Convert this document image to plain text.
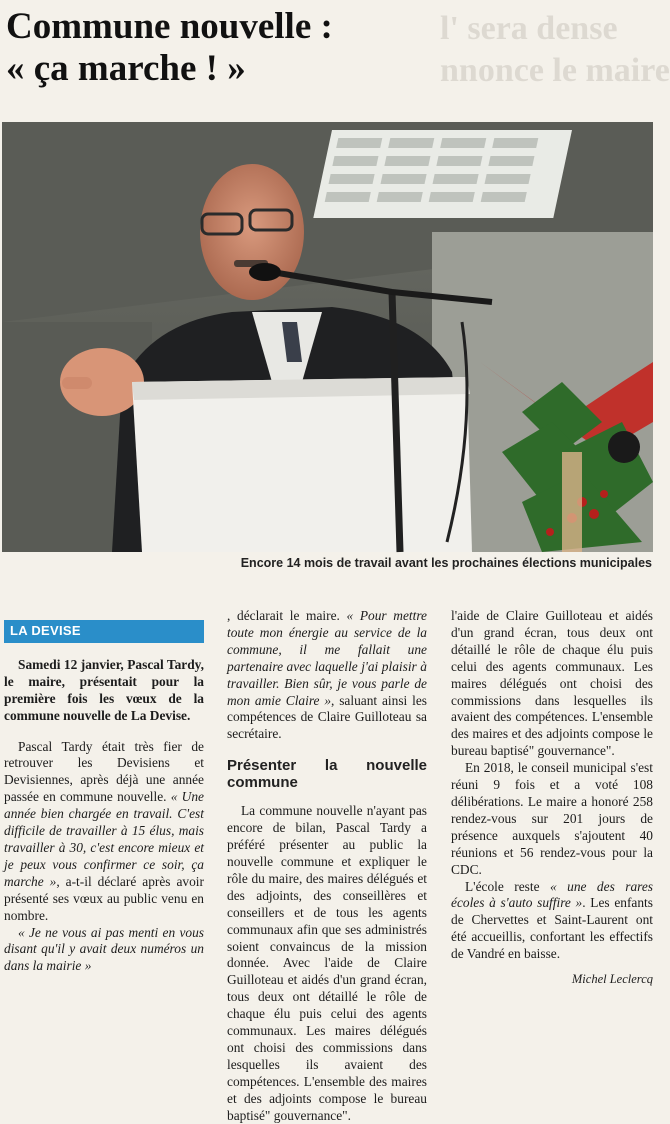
Commune nouvelle :
« ça marche ! »
l' sera dense
nnonce le maire
Encore 14 mois de travail avant les prochaines élections municipales
LA DEVISE

Samedi 12 janvier, Pascal Tardy, le maire, présentait pour la première fois les vœux de la commune nouvelle de La Devise.

Pascal Tardy était très fier de retrouver les Devisiens et Devisiennes, après déjà une année passée en commune nouvelle. « Une année bien chargée en travail. C'est difficile de travailler à 15 élus, mais travailler à 30, c'est encore mieux et je peux vous confirmer ce soir, ça marche », a-t-il déclaré après avoir présenté ses vœux au public venu en nombre.

« Je ne vous ai pas menti en vous disant qu'il y avait deux numéros un dans la mairie »

, déclarait le maire. « Pour mettre toute mon énergie au service de la commune, il me fallait une partenaire avec laquelle j'ai plaisir à travailler. Bien sûr, je vous parle de mon amie Claire », saluant ainsi les compétences de Claire Guilloteau sa secrétaire.

Présenter la nouvelle commune

La commune nouvelle n'ayant pas encore de bilan, Pascal Tardy a préféré présenter au public la nouvelle commune et expliquer le rôle du maire, des maires délégués et des adjoints, des conseillères et conseillers et de tous les agents communaux afin que ses administrés soient convaincus de la mission donnée. Avec l'aide de Claire Guilloteau et aidés d'un grand écran, tous deux ont détaillé le rôle de chaque élu puis celui des agents communaux. Les maires délégués ont choisi des commissions dans lesquelles ils avaient des compétences. L'ensemble des maires et des adjoints compose le bureau baptisé" gouvernance".

l'aide de Claire Guilloteau et aidés d'un grand écran, tous deux ont détaillé le rôle de chaque élu puis celui des agents communaux. Les maires délégués ont choisi des commissions dans lesquelles ils avaient des compétences. L'ensemble des maires et des adjoints compose le bureau baptisé" gouvernance".

En 2018, le conseil municipal s'est réuni 9 fois et a voté 108 délibérations. Le maire a honoré 258 rendez-vous sur 201 jours de présence auxquels s'ajoutent 40 réunions et 56 rendez-vous pour la CDC.

L'école reste « une des rares écoles à s'auto suffire ». Les enfants de Chervettes et Saint-Laurent ont été accueillis, confortant les effectifs de Vandré en baisse.

Michel Leclercq
